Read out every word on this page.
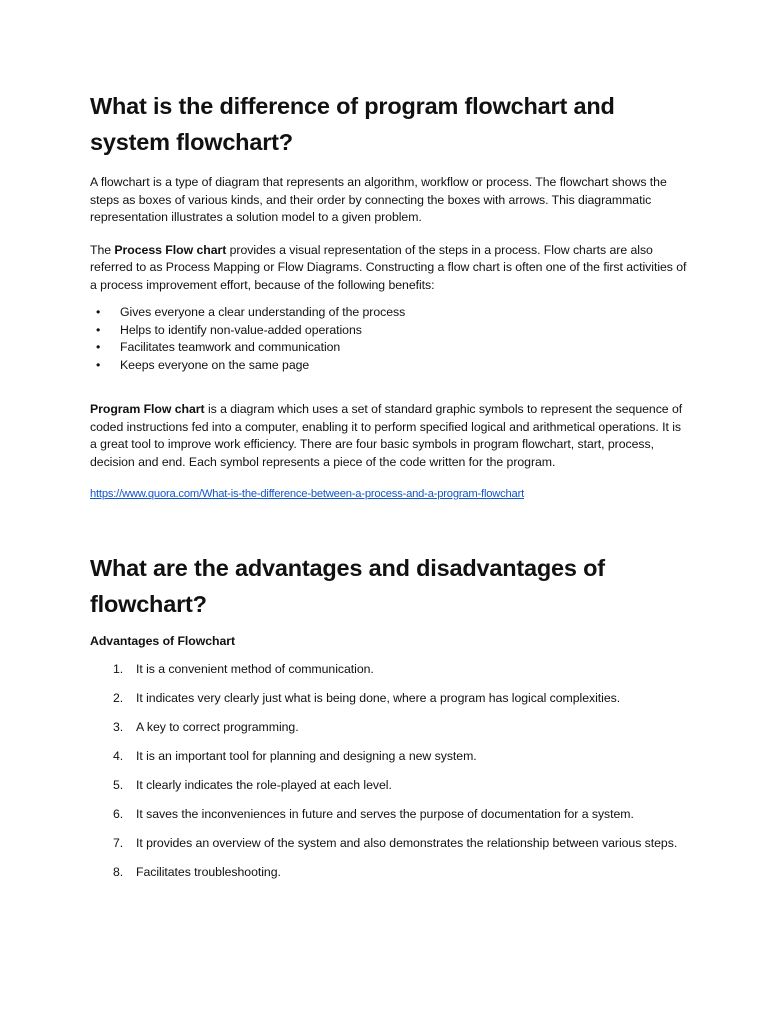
What is the difference of program flowchart and system flowchart?

A flowchart is a type of diagram that represents an algorithm, workflow or process. The flowchart shows the steps as boxes of various kinds, and their order by connecting the boxes with arrows. This diagrammatic representation illustrates a solution model to a given problem.

The Process Flow chart provides a visual representation of the steps in a process. Flow charts are also referred to as Process Mapping or Flow Diagrams. Constructing a flow chart is often one of the first activities of a process improvement effort, because of the following benefits:

• Gives everyone a clear understanding of the process
• Helps to identify non-value-added operations
• Facilitates teamwork and communication
• Keeps everyone on the same page

Program Flow chart is a diagram which uses a set of standard graphic symbols to represent the sequence of coded instructions fed into a computer, enabling it to perform specified logical and arithmetical operations. It is a great tool to improve work efficiency. There are four basic symbols in program flowchart, start, process, decision and end. Each symbol represents a piece of the code written for the program.

https://www.quora.com/What-is-the-difference-between-a-process-and-a-program-flowchart

What are the advantages and disadvantages of flowchart?

Advantages of Flowchart

1. It is a convenient method of communication.
2. It indicates very clearly just what is being done, where a program has logical complexities.
3. A key to correct programming.
4. It is an important tool for planning and designing a new system.
5. It clearly indicates the role-played at each level.
6. It saves the inconveniences in future and serves the purpose of documentation for a system.
7. It provides an overview of the system and also demonstrates the relationship between various steps.
8. Facilitates troubleshooting.
